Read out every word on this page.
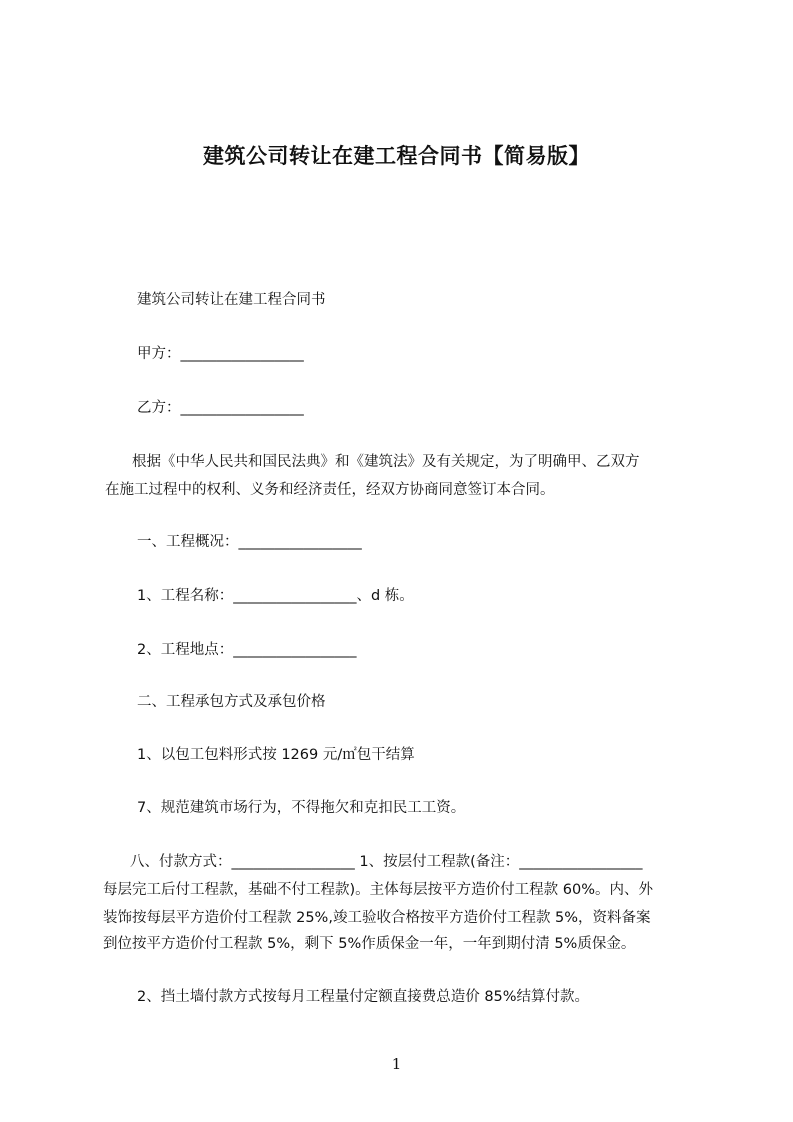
建筑公司转让在建工程合同书【简易版】

建筑公司转让在建工程合同书

甲方：_________________

乙方：_________________

根据《中华人民共和国民法典》和《建筑法》及有关规定，为了明确甲、乙双方

在施工过程中的权利、义务和经济责任，经双方协商同意签订本合同。

一、工程概况：_________________

1、工程名称：_________________、d 栋。

2、工程地点：_________________

二、工程承包方式及承包价格

1、以包工包料形式按 1269 元/㎡包干结算

7、规范建筑市场行为，不得拖欠和克扣民工工资。

八、付款方式：_________________ 1、按层付工程款(备注：_________________

每层完工后付工程款，基础不付工程款)。主体每层按平方造价付工程款 60%。内、外

装饰按每层平方造价付工程款 25%,竣工验收合格按平方造价付工程款 5%，资料备案

到位按平方造价付工程款 5%，剩下 5%作质保金一年，一年到期付清 5%质保金。

2、挡土墙付款方式按每月工程量付定额直接费总造价 85%结算付款。

1
